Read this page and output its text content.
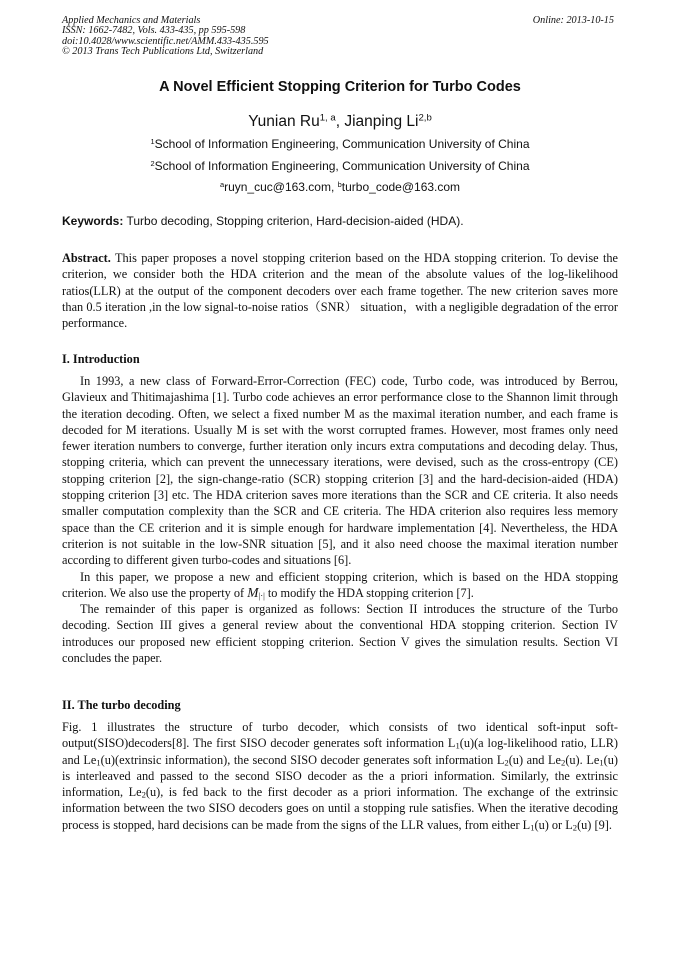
Applied Mechanics and Materials
ISSN: 1662-7482, Vols. 433-435, pp 595-598
doi:10.4028/www.scientific.net/AMM.433-435.595
© 2013 Trans Tech Publications Ltd, Switzerland
Online: 2013-10-15
A Novel Efficient Stopping Criterion for Turbo Codes
Yunian Ru$^{1, a}$, Jianping Li$^{2,b}$
$^1$School of Information Engineering, Communication University of China
$^2$School of Information Engineering, Communication University of China
$^a$ruyn_cuc@163.com, $^b$turbo_code@163.com
Keywords: Turbo decoding, Stopping criterion, Hard-decision-aided (HDA).

Abstract. This paper proposes a novel stopping criterion based on the HDA stopping criterion. To devise the criterion, we consider both the HDA criterion and the mean of the absolute values of the log-likelihood ratios(LLR) at the output of the component decoders over each frame together. The new criterion saves more than 0.5 iteration ,in the low signal-to-noise ratios（SNR） situation，with a negligible degradation of the error performance.

I. Introduction

In 1993, a new class of Forward-Error-Correction (FEC) code, Turbo code, was introduced by Berrou, Glavieux and Thitimajashima [1]. Turbo code achieves an error performance close to the Shannon limit through the iteration decoding. Often, we select a fixed number M as the maximal iteration number, and each frame is decoded for M iterations. Usually M is set with the worst corrupted frames. However, most frames only need fewer iteration numbers to converge, further iteration only incurs extra computations and decoding delay. Thus, stopping criteria, which can prevent the unnecessary iterations, were devised, such as the cross-entropy (CE) stopping criterion [2], the sign-change-ratio (SCR) stopping criterion [3] and the hard-decision-aided (HDA) stopping criterion [3] etc. The HDA criterion saves more iterations than the SCR and CE criteria. It also needs smaller computation complexity than the SCR and CE criteria. The HDA criterion also requires less memory space than the CE criterion and it is simple enough for hardware implementation [4]. Nevertheless, the HDA criterion is not suitable in the low-SNR situation [5], and it also need choose the maximal iteration number according to different given turbo-codes and situations [6].

In this paper, we propose a new and efficient stopping criterion, which is based on the HDA stopping criterion. We also use the property of $M_{|\cdot|}$ to modify the HDA stopping criterion [7].

The remainder of this paper is organized as follows: Section II introduces the structure of the Turbo decoding. Section III gives a general review about the conventional HDA stopping criterion. Section IV introduces our proposed new efficient stopping criterion. Section V gives the simulation results. Section VI concludes the paper.

II. The turbo decoding

Fig. 1 illustrates the structure of turbo decoder, which consists of two identical soft-input soft-output(SISO)decoders[8]. The first SISO decoder generates soft information $L_1(u)(a$ log-likelihood ratio, LLR) and $Le_1(u)(extrinsic$ information), the second SISO decoder generates soft information $L_2(u)$ and $Le_2(u)$. $Le_1(u)$ is interleaved and passed to the second SISO decoder as the a priori information. Similarly, the extrinsic information, $Le_2(u)$, is fed back to the first decoder as a priori information. The exchange of the extrinsic information between the two SISO decoders goes on until a stopping rule satisfies. When the iterative decoding process is stopped, hard decisions can be made from the signs of the LLR values, from either $L_1(u)$ or $L_2(u)$ [9].
